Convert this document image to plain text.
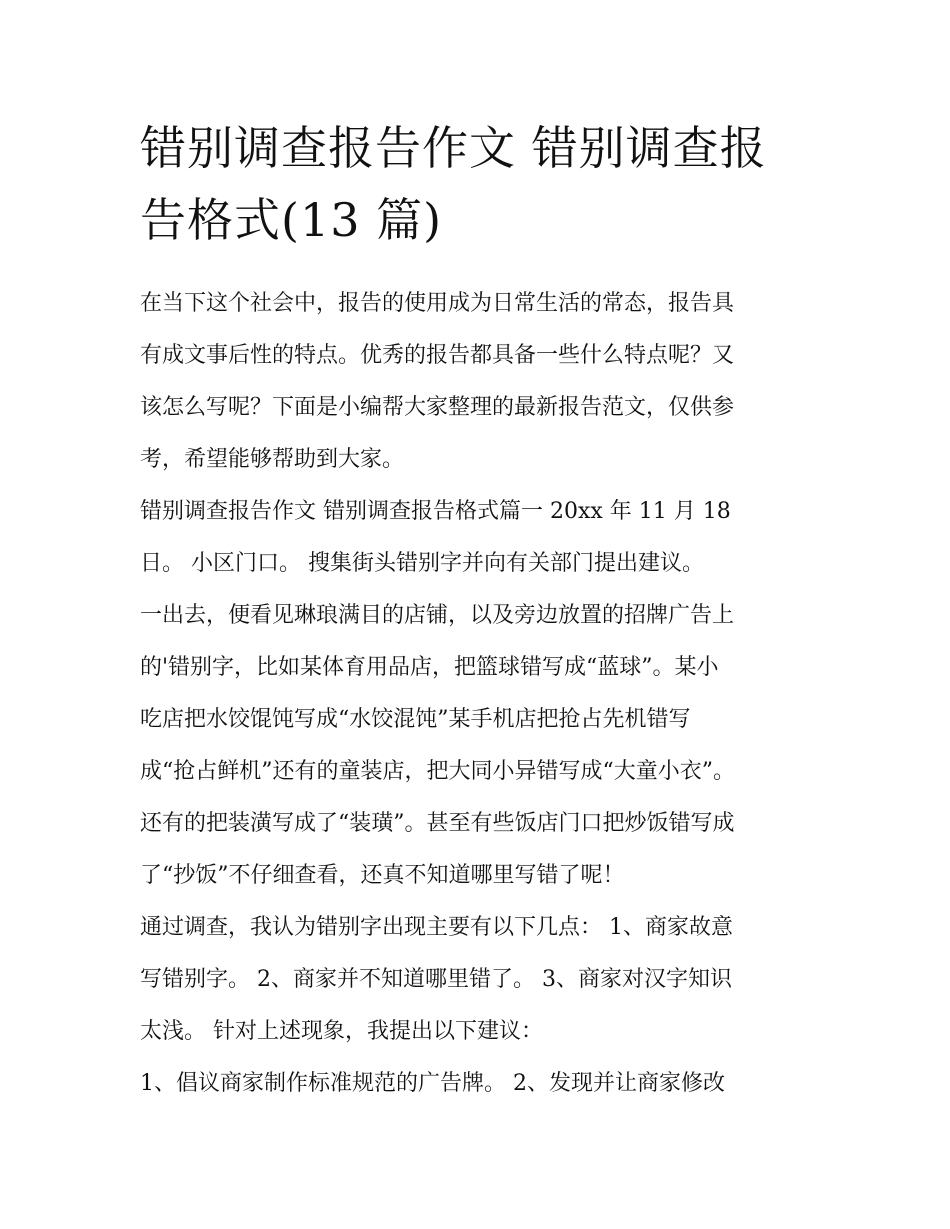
错别调查报告作文 错别调查报
告格式(13 篇)
在当下这个社会中，报告的使用成为日常生活的常态，报告具
有成文事后性的特点。优秀的报告都具备一些什么特点呢？又
该怎么写呢？下面是小编帮大家整理的最新报告范文，仅供参
考，希望能够帮助到大家。
错别调查报告作文 错别调查报告格式篇一 20xx 年 11 月 18
日。 小区门口。 搜集街头错别字并向有关部门提出建议。
一出去，便看见琳琅满目的店铺，以及旁边放置的招牌广告上
的'错别字，比如某体育用品店，把篮球错写成“蓝球”。某小
吃店把水饺馄饨写成“水饺混饨”某手机店把抢占先机错写
成“抢占鲜机”还有的童装店，把大同小异错写成“大童小衣”。
还有的把装潢写成了“装璜”。甚至有些饭店门口把炒饭错写成
了“抄饭”不仔细查看，还真不知道哪里写错了呢！
通过调查，我认为错别字出现主要有以下几点： 1、商家故意
写错别字。 2、商家并不知道哪里错了。 3、商家对汉字知识
太浅。 针对上述现象，我提出以下建议：
1、倡议商家制作标准规范的广告牌。 2、发现并让商家修改
